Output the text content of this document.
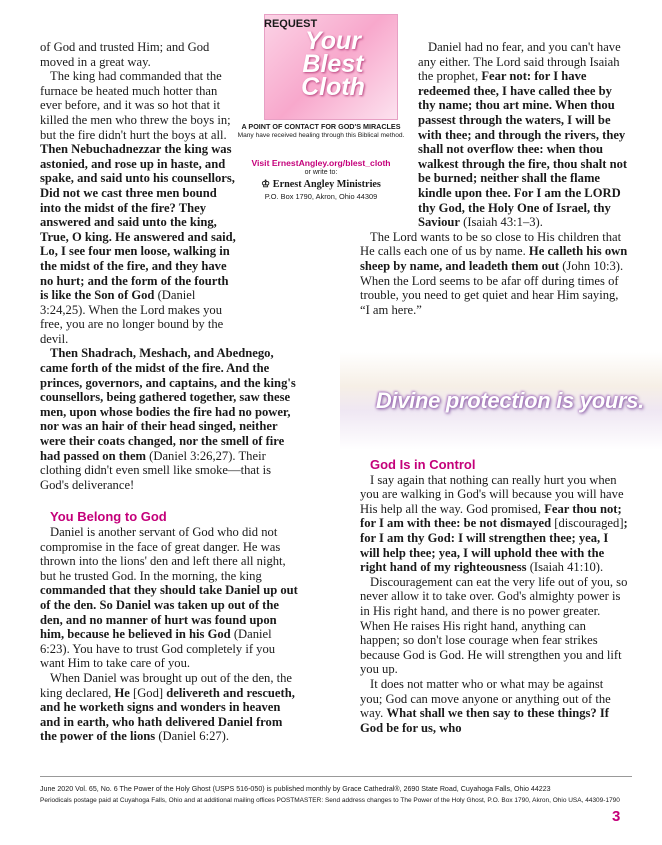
REQUEST
Your Blest Cloth
A POINT OF CONTACT FOR GOD'S MIRACLES
Many have received healing through this Biblical method.
Visit ErnestAngley.org/blest_cloth
or write to:
♔ Ernest Angley Ministries
P.O. Box 1790, Akron, Ohio 44309

of God and trusted Him; and God moved in a great way.

The king had commanded that the furnace be heated much hotter than ever before, and it was so hot that it killed the men who threw the boys in; but the fire didn't hurt the boys at all. Then Nebuchadnezzar the king was astonied, and rose up in haste, and spake, and said unto his counsellors, Did not we cast three men bound into the midst of the fire? They answered and said unto the king, True, O king. He answered and said, Lo, I see four men loose, walking in the midst of the fire, and they have no hurt; and the form of the fourth is like the Son of God (Daniel 3:24,25). When the Lord makes you free, you are no longer bound by the devil.

Then Shadrach, Meshach, and Abednego, came forth of the midst of the fire. And the princes, governors, and captains, and the king's counsellors, being gathered together, saw these men, upon whose bodies the fire had no power, nor was an hair of their head singed, neither were their coats changed, nor the smell of fire had passed on them (Daniel 3:26,27). Their clothing didn't even smell like smoke—that is God's deliverance!

You Belong to God

Daniel is another servant of God who did not compromise in the face of great danger. He was thrown into the lions' den and left there all night, but he trusted God. In the morning, the king commanded that they should take Daniel up out of the den. So Daniel was taken up out of the den, and no manner of hurt was found upon him, because he believed in his God (Daniel 6:23). You have to trust God completely if you want Him to take care of you.

When Daniel was brought up out of the den, the king declared, He [God] delivereth and rescueth, and he worketh signs and wonders in heaven and in earth, who hath delivered Daniel from the power of the lions (Daniel 6:27).

Daniel had no fear, and you can't have any either. The Lord said through Isaiah the prophet, Fear not: for I have redeemed thee, I have called thee by thy name; thou art mine. When thou passest through the waters, I will be with thee; and through the rivers, they shall not overflow thee: when thou walkest through the fire, thou shalt not be burned; neither shall the flame kindle upon thee. For I am the LORD thy God, the Holy One of Israel, thy Saviour (Isaiah 43:1–3).

The Lord wants to be so close to His children that He calls each one of us by name. He calleth his own sheep by name, and leadeth them out (John 10:3). When the Lord seems to be afar off during times of trouble, you need to get quiet and hear Him saying, “I am here.”

Divine protection is yours.

God Is in Control

I say again that nothing can really hurt you when you are walking in God's will because you will have His help all the way. God promised, Fear thou not; for I am with thee: be not dismayed [discouraged]; for I am thy God: I will strengthen thee; yea, I will help thee; yea, I will uphold thee with the right hand of my righteousness (Isaiah 41:10).

Discouragement can eat the very life out of you, so never allow it to take over. God's almighty power is in His right hand, and there is no power greater. When He raises His right hand, anything can happen; so don't lose courage when fear strikes because God is God. He will strengthen you and lift you up.

It does not matter who or what may be against you; God can move anyone or anything out of the way. What shall we then say to these things? If God be for us, who

June 2020 Vol. 65, No. 6 The Power of the Holy Ghost (USPS 516-050) is published monthly by Grace Cathedral®, 2690 State Road, Cuyahoga Falls, Ohio 44223
Periodicals postage paid at Cuyahoga Falls, Ohio and at additional mailing offices POSTMASTER: Send address changes to The Power of the Holy Ghost, P.O. Box 1790, Akron, Ohio USA, 44309-1790
3
